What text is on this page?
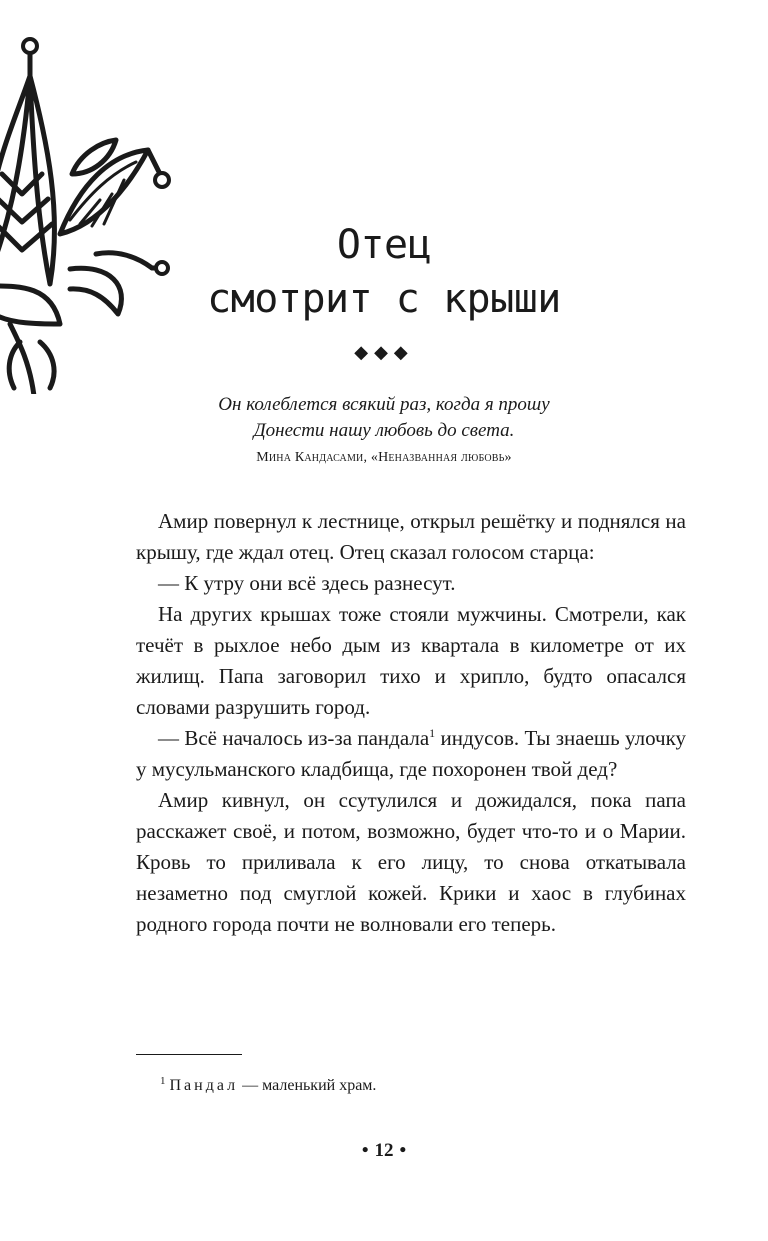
Отец
смотрит с крыши
◆◆◆
Он колеблется всякий раз, когда я прошу
Донести нашу любовь до света.
Мина Кандасами, «Неназванная любовь»

Амир повернул к лестнице, открыл решётку и поднялся на крышу, где ждал отец. Отец сказал голосом старца:

— К утру они всё здесь разнесут.

На других крышах тоже стояли мужчины. Смотрели, как течёт в рыхлое небо дым из квартала в километре от их жилищ. Папа заговорил тихо и хрипло, будто опасался словами разрушить город.

— Всё началось из-за пандала$^1$ индусов. Ты знаешь улочку у мусульманского кладбища, где похоронен твой дед?

Амир кивнул, он ссутулился и дожидался, пока папа расскажет своё, и потом, возможно, будет что-то и о Марии. Кровь то приливала к его лицу, то снова откатывала незаметно под смуглой кожей. Крики и хаос в глубинах родного города почти не волновали его теперь.

$^1$ Пандал — маленький храм.
• 12 •
